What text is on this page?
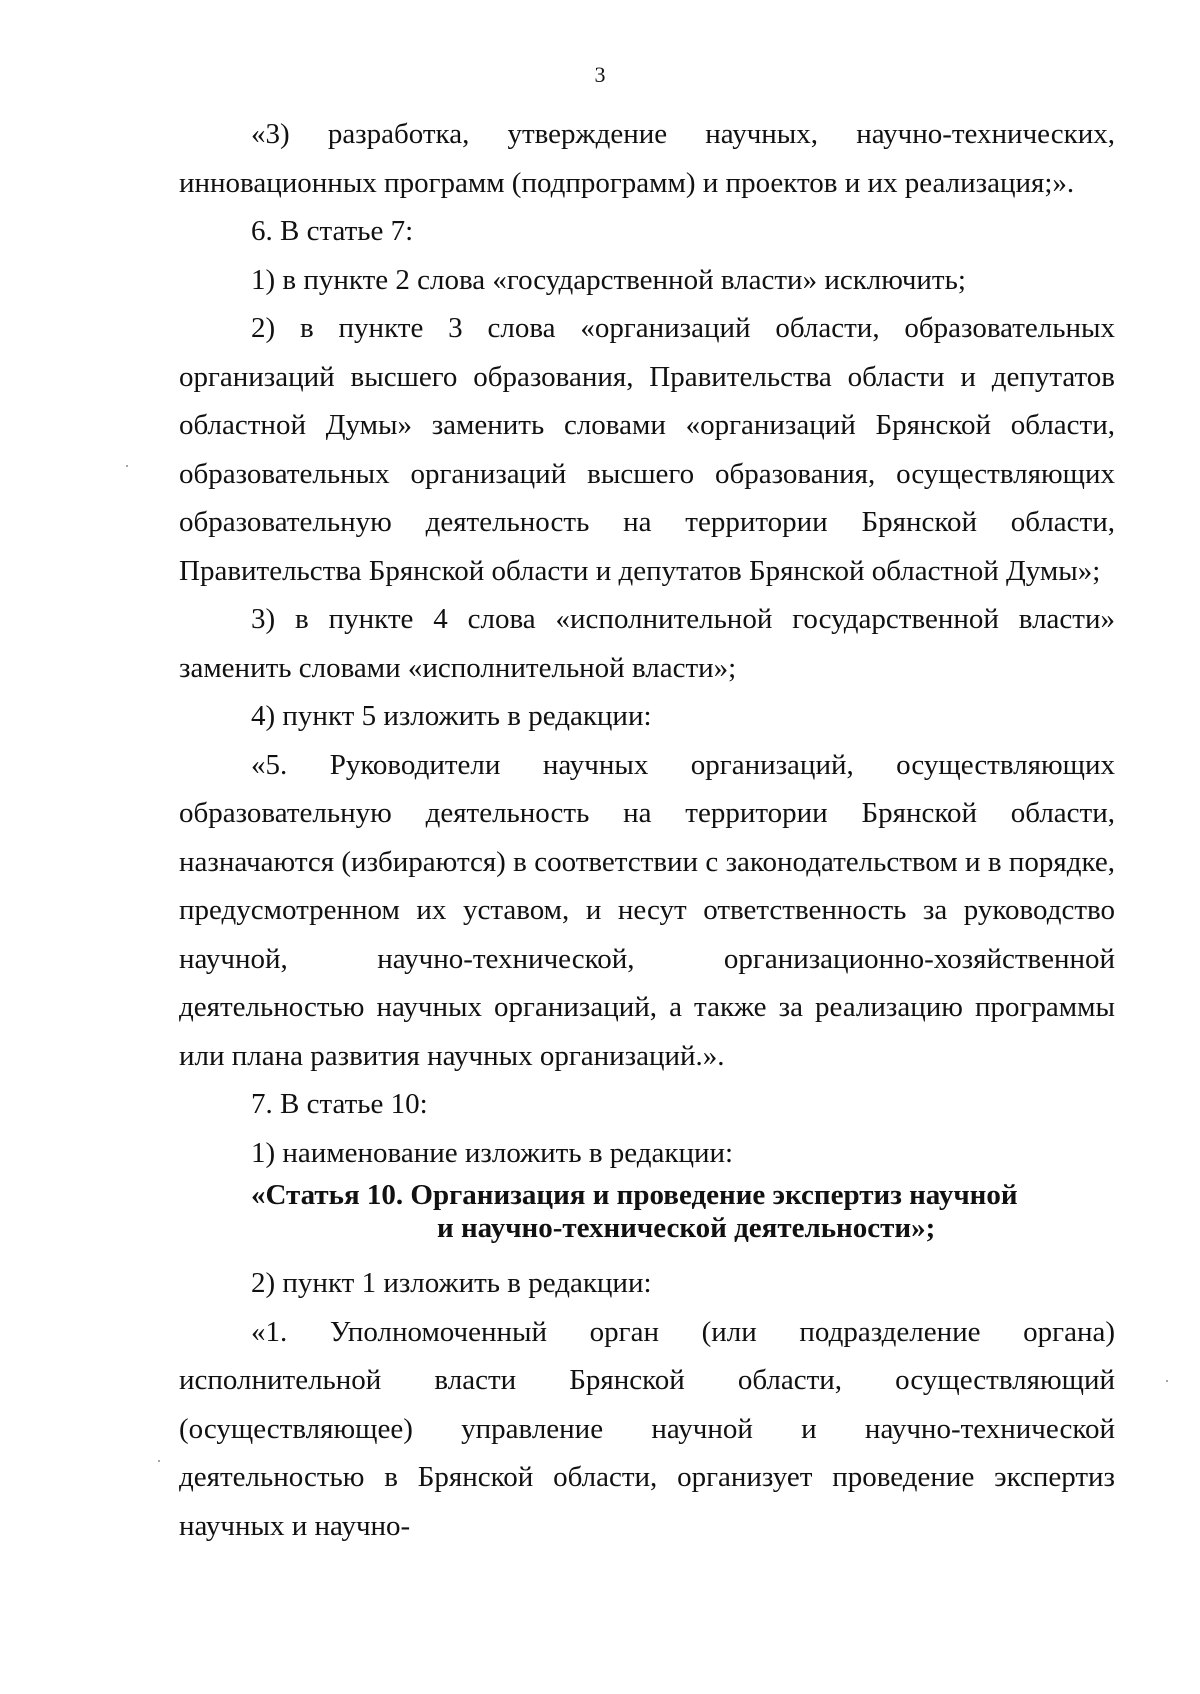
3

«3) разработка, утверждение научных, научно-технических, инновационных программ (подпрограмм) и проектов и их реализация;».

6. В статье 7:

1) в пункте 2 слова «государственной власти» исключить;

2) в пункте 3 слова «организаций области, образовательных организаций высшего образования, Правительства области и депутатов областной Думы» заменить словами «организаций Брянской области, образовательных организаций высшего образования, осуществляющих образовательную деятельность на территории Брянской области, Правительства Брянской области и депутатов Брянской областной Думы»;

3) в пункте 4 слова «исполнительной государственной власти» заменить словами «исполнительной власти»;

4) пункт 5 изложить в редакции:

«5. Руководители научных организаций, осуществляющих образовательную деятельность на территории Брянской области, назначаются (избираются) в соответствии с законодательством и в порядке, предусмотренном их уставом, и несут ответственность за руководство научной, научно-технической, организационно-хозяйственной деятельностью научных организаций, а также за реализацию программы или плана развития научных организаций.».

7. В статье 10:

1) наименование изложить в редакции:

«Статья 10. Организация и проведение экспертиз научной
и научно-технической деятельности»;

2) пункт 1 изложить в редакции:

«1. Уполномоченный орган (или подразделение органа) исполнительной власти Брянской области, осуществляющий (осуществляющее) управление научной и научно-технической деятельностью в Брянской области, организует проведение экспертиз научных и научно-
